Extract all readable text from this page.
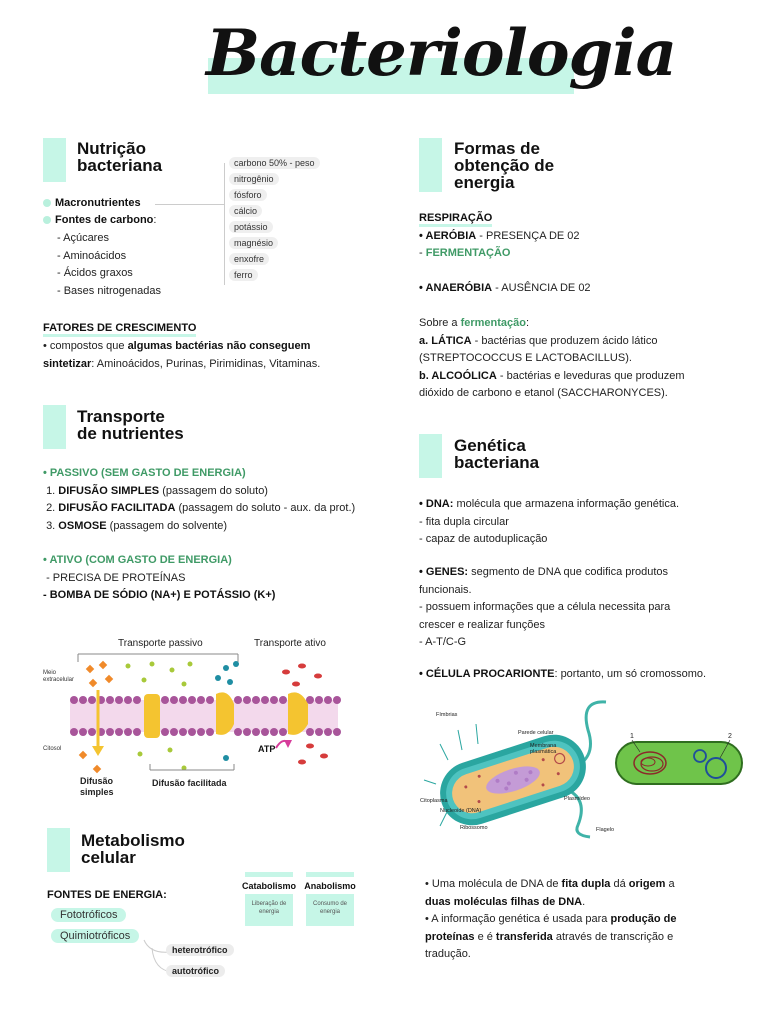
Bacteriologia
Nutrição
bacteriana
Macronutrientes
Fontes de carbono:
- Açúcares
- Aminoácidos
- Ácidos graxos
- Bases nitrogenadas
carbono 50% - peso
nitrogênio
fósforo
cálcio
potássio
magnésio
enxofre
ferro
FATORES DE CRESCIMENTO
• compostos que algumas bactérias não conseguem
sintetizar: Aminoácidos, Purinas, Pirimidinas, Vitaminas.
Transporte
de nutrientes
• PASSIVO (SEM GASTO DE ENERGIA)
1. DIFUSÃO SIMPLES (passagem do soluto)
2. DIFUSÃO FACILITADA (passagem do soluto - aux. da prot.)
3. OSMOSE (passagem do solvente)
• ATIVO (COM GASTO DE ENERGIA)
- PRECISA DE PROTEÍNAS
- BOMBA DE SÓDIO (NA+) E POTÁSSIO (K+)
Transporte passivo	Transporte ativo
Meio
extracelular
Citosol	ATP
Difusão
simples
Difusão facilitada
Metabolismo
celular
FONTES DE ENERGIA:
Fototróficos
Quimiotróficos
heterotrófico
autotrófico
Catabolismo Anabolismo
Liberação de
energia
Consumo de
energia
Formas de
obtenção de
energia
RESPIRAÇÃO
• AERÓBIA - PRESENÇA DE 02
- FERMENTAÇÃO

• ANAERÓBIA - AUSÊNCIA DE 02
Sobre a fermentação:
a. LÁTICA - bactérias que produzem ácido lático
(STREPTOCOCCUS E LACTOBACILLUS).
b. ALCOÓLICA - bactérias e leveduras que produzem
dióxido de carbono e etanol (SACCHARONYCES).
Genética
bacteriana
• DNA: molécula que armazena informação genética.
- fita dupla circular
- capaz de autoduplicação
• GENES: segmento de DNA que codifica produtos
funcionais.
- possuem informações que a célula necessita para
crescer e realizar funções
- A-T/C-G
• CÉLULA PROCARIONTE: portanto, um só cromossomo.
Fímbrias
Parede celular
Membrana
plasmática
Citoplasma
Nucleoide (DNA)
Ribossomo
Plasmídeo
Flagelo
1	2
• Uma molécula de DNA de fita dupla dá origem a
duas moléculas filhas de DNA.
• A informação genética é usada para produção de
proteínas e é transferida através de transcrição e
tradução.
